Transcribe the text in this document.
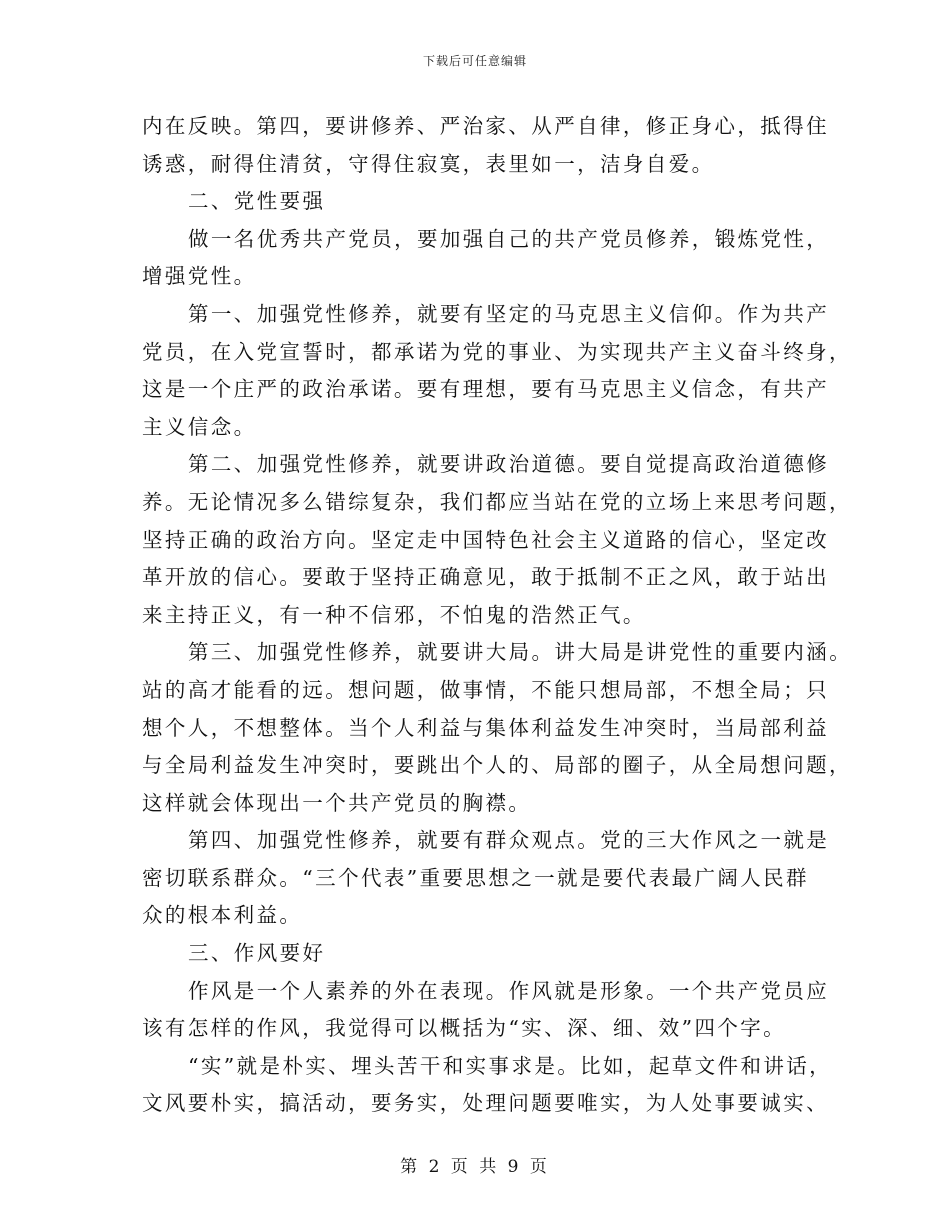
下载后可任意编辑
内在反映。第四，要讲修养、严治家、从严自律，修正身心，抵得住
诱惑，耐得住清贫，守得住寂寞，表里如一，洁身自爱。
二、党性要强
做一名优秀共产党员，要加强自己的共产党员修养，锻炼党性，
增强党性。
第一、加强党性修养，就要有坚定的马克思主义信仰。作为共产
党员，在入党宣誓时，都承诺为党的事业、为实现共产主义奋斗终身，
这是一个庄严的政治承诺。要有理想，要有马克思主义信念，有共产
主义信念。
第二、加强党性修养，就要讲政治道德。要自觉提高政治道德修
养。无论情况多么错综复杂，我们都应当站在党的立场上来思考问题，
坚持正确的政治方向。坚定走中国特色社会主义道路的信心，坚定改
革开放的信心。要敢于坚持正确意见，敢于抵制不正之风，敢于站出
来主持正义，有一种不信邪，不怕鬼的浩然正气。
第三、加强党性修养，就要讲大局。讲大局是讲党性的重要内涵。
站的高才能看的远。想问题，做事情，不能只想局部，不想全局；只
想个人，不想整体。当个人利益与集体利益发生冲突时，当局部利益
与全局利益发生冲突时，要跳出个人的、局部的圈子，从全局想问题，
这样就会体现出一个共产党员的胸襟。
第四、加强党性修养，就要有群众观点。党的三大作风之一就是
密切联系群众。“三个代表”重要思想之一就是要代表最广阔人民群
众的根本利益。
三、作风要好
作风是一个人素养的外在表现。作风就是形象。一个共产党员应
该有怎样的作风，我觉得可以概括为“实、深、细、效”四个字。
“实”就是朴实、埋头苦干和实事求是。比如，起草文件和讲话，
文风要朴实，搞活动，要务实，处理问题要唯实，为人处事要诚实、
第 2 页 共 9 页
